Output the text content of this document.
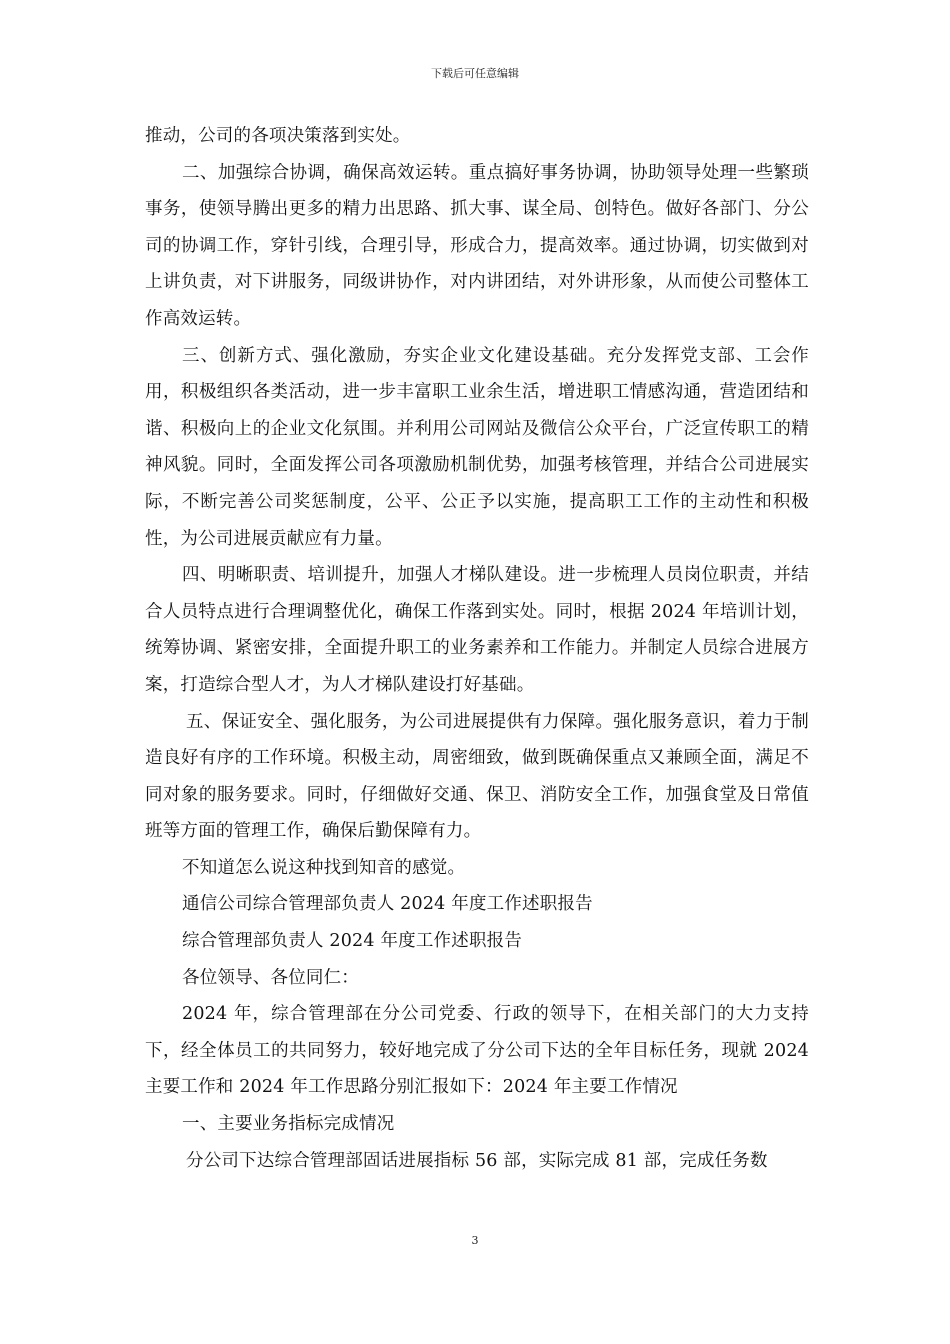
下载后可任意编辑

推动，公司的各项决策落到实处。

二、加强综合协调，确保高效运转。重点搞好事务协调，协助领导处理一些繁琐事务，使领导腾出更多的精力出思路、抓大事、谋全局、创特色。做好各部门、分公司的协调工作，穿针引线，合理引导，形成合力，提高效率。通过协调，切实做到对上讲负责，对下讲服务，同级讲协作，对内讲团结，对外讲形象，从而使公司整体工作高效运转。

三、创新方式、强化激励，夯实企业文化建设基础。充分发挥党支部、工会作用，积极组织各类活动，进一步丰富职工业余生活，增进职工情感沟通，营造团结和谐、积极向上的企业文化氛围。并利用公司网站及微信公众平台，广泛宣传职工的精神风貌。同时，全面发挥公司各项激励机制优势，加强考核管理，并结合公司进展实际，不断完善公司奖惩制度，公平、公正予以实施，提高职工工作的主动性和积极性，为公司进展贡献应有力量。

四、明晰职责、培训提升，加强人才梯队建设。进一步梳理人员岗位职责，并结合人员特点进行合理调整优化，确保工作落到实处。同时，根据 2024 年培训计划，统筹协调、紧密安排，全面提升职工的业务素养和工作能力。并制定人员综合进展方案，打造综合型人才，为人才梯队建设打好基础。

五、保证安全、强化服务，为公司进展提供有力保障。强化服务意识，着力于制造良好有序的工作环境。积极主动，周密细致，做到既确保重点又兼顾全面，满足不同对象的服务要求。同时，仔细做好交通、保卫、消防安全工作，加强食堂及日常值班等方面的管理工作，确保后勤保障有力。

不知道怎么说这种找到知音的感觉。

通信公司综合管理部负责人 2024 年度工作述职报告

综合管理部负责人 2024 年度工作述职报告

各位领导、各位同仁：

2024 年，综合管理部在分公司党委、行政的领导下，在相关部门的大力支持下，经全体员工的共同努力，较好地完成了分公司下达的全年目标任务，现就 2024 主要工作和 2024 年工作思路分别汇报如下：2024 年主要工作情况

一、主要业务指标完成情况

分公司下达综合管理部固话进展指标 56 部，实际完成 81 部，完成任务数

3
